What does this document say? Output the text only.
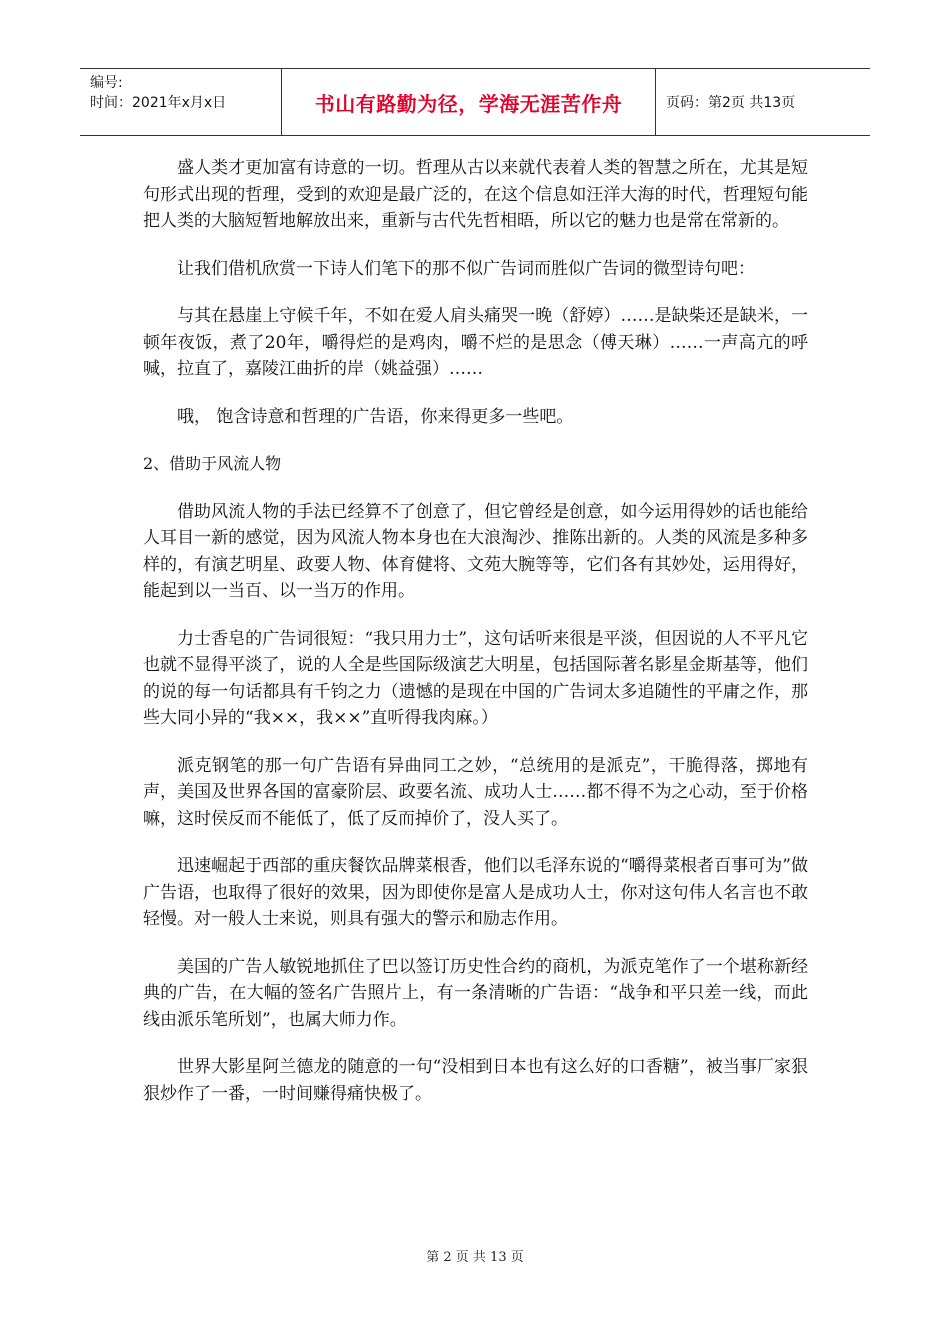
编号:
时间：2021年x月x日	书山有路勤为径，学海无涯苦作舟	页码：第2页 共13页

盛人类才更加富有诗意的一切。哲理从古以来就代表着人类的智慧之所在，尤其是短句形式出现的哲理，受到的欢迎是最广泛的，在这个信息如汪洋大海的时代，哲理短句能把人类的大脑短暂地解放出来，重新与古代先哲相晤，所以它的魅力也是常在常新的。

让我们借机欣赏一下诗人们笔下的那不似广告词而胜似广告词的微型诗句吧：

与其在悬崖上守候千年，不如在爱人肩头痛哭一晚（舒婷）……是缺柴还是缺米，一顿年夜饭，煮了20年，嚼得烂的是鸡肉，嚼不烂的是思念（傅天琳）……一声高亢的呼喊，拉直了，嘉陵江曲折的岸（姚益强）……

哦， 饱含诗意和哲理的广告语，你来得更多一些吧。

2、借助于风流人物

借助风流人物的手法已经算不了创意了，但它曾经是创意，如今运用得妙的话也能给人耳目一新的感觉，因为风流人物本身也在大浪淘沙、推陈出新的。人类的风流是多种多样的，有演艺明星、政要人物、体育健将、文苑大腕等等，它们各有其妙处，运用得好，能起到以一当百、以一当万的作用。

力士香皂的广告词很短：“我只用力士”，这句话听来很是平淡，但因说的人不平凡它也就不显得平淡了，说的人全是些国际级演艺大明星，包括国际著名影星金斯基等，他们的说的每一句话都具有千钧之力（遗憾的是现在中国的广告词太多追随性的平庸之作，那些大同小异的“我××，我××”直听得我肉麻。）

派克钢笔的那一句广告语有异曲同工之妙，“总统用的是派克”，干脆得落，掷地有声，美国及世界各国的富豪阶层、政要名流、成功人士……都不得不为之心动，至于价格嘛，这时侯反而不能低了，低了反而掉价了，没人买了。

迅速崛起于西部的重庆餐饮品牌菜根香，他们以毛泽东说的“嚼得菜根者百事可为”做广告语，也取得了很好的效果，因为即使你是富人是成功人士，你对这句伟人名言也不敢轻慢。对一般人士来说，则具有强大的警示和励志作用。

美国的广告人敏锐地抓住了巴以签订历史性合约的商机，为派克笔作了一个堪称新经典的广告，在大幅的签名广告照片上，有一条清晰的广告语：“战争和平只差一线，而此线由派乐笔所划”，也属大师力作。

世界大影星阿兰德龙的随意的一句“没相到日本也有这么好的口香糖”，被当事厂家狠狠炒作了一番，一时间赚得痛快极了。

第 2 页 共 13 页
